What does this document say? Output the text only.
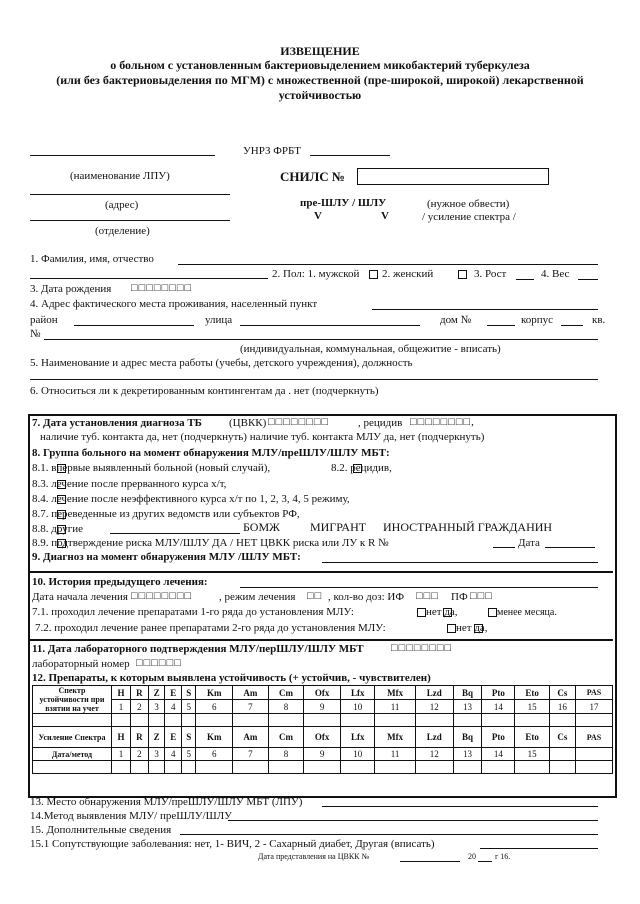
ИЗВЕЩЕНИЕ
о больном с установленным бактериовыделением микобактерий туберкулеза
(или без бактериовыделения по МГМ) с множественной (пре-широкой, широкой) лекарственной
устойчивостью
УНРЗ ФРБТ
(наименование ЛПУ)	СНИЛС №
(адрес)	пре-ШЛУ / ШЛУ	(нужное обвести)
V	V	/ усиление спектра /
(отделение)
1. Фамилия, имя, отчество
2. Пол: 1. мужской 2. женский	3. Рост	4. Вес
3. Дата рождения □□□□□□□□
4. Адрес фактического места проживания, населенный пункт
район	улица	дом №	корпус	кв.
№
(индивидуальная, коммунальная, общежитие - вписать)
5. Наименование и адрес места работы (учебы, детского учреждения), должность
6. Относиться ли к декретированным контингентам да . нет (подчеркнуть)
7. Дата установления диагноза ТБ (ЦВКК) □□□□□□□□	, рецидив □□□□□□□□,
наличие туб. контакта да, нет (подчеркнуть) наличие туб. контакта МЛУ да, нет (подчеркнуть)
8. Группа больного на момент обнаружения МЛУ/преШЛУ/ШЛУ МБТ:
8.1. впервые выявленный больной (новый случай),	8.2. рецидив,
8.3. лечение после прерванного курса х/т,
8.4. лечение после неэффективного курса х/т по 1, 2, 3, 4, 5 режиму,
8.7. переведенные из других ведомств или субъектов РФ,
8.8. другие	БОМЖ	МИГРАНТ ИНОСТРАННЫЙ ГРАЖДАНИН
8.9. подтверждение риска МЛУ/ШЛУ ДА / НЕТ ЦВКК риска или ЛУ к R №	Дата
9. Диагноз на момент обнаружения МЛУ /ШЛУ МБТ:
10. История предыдущего лечения:
Дата начала лечения □□□□□□□□ , режим лечения □□ , кол-во доз: ИФ □□□ ПФ □□□
7.1. проходил лечение препаратами 1-го ряда до установления МЛУ:	нет да,	менее месяца.
7.2. проходил лечение ранее препаратами 2-го ряда до установления МЛУ:	нет да,
11. Дата лабораторного подтверждения МЛУ/перШЛУ/ШЛУ МБТ □□□□□□□□
лабораторный номер □□□□□□
12. Препараты, к которым выявлена устойчивость (+ устойчив, - чувствителен)
Спектр устойчивости при взятии на учет	H	R	Z	E	S	Km	Am	Cm	Ofx	Lfx	Mfx	Lzd	Bq	Pto	Eto	Cs	PAS
	1	2	3	4	5	6	7	8	9	10	11	12	13	14	15	16	17

Усиление Спектра	H	R	Z	E	S	Km	Am	Cm	Ofx	Lfx	Mfx	Lzd	Bq	Pto	Eto	Cs	PAS
Дата/метод	1	2	3	4	5	6	7	8	9	10	11	12	13	14	15		

13. Место обнаружения МЛУ/преШЛУ/ШЛУ МБТ (ЛПУ)
14.Метод выявления МЛУ/ преШЛУ/ШЛУ
15. Дополнительные сведения
15.1 Сопутствующие заболевания: нет, 1- ВИЧ, 2 - Сахарный диабет, Другая (вписать)
Дата представления на ЦВКК №	20 г 16.
